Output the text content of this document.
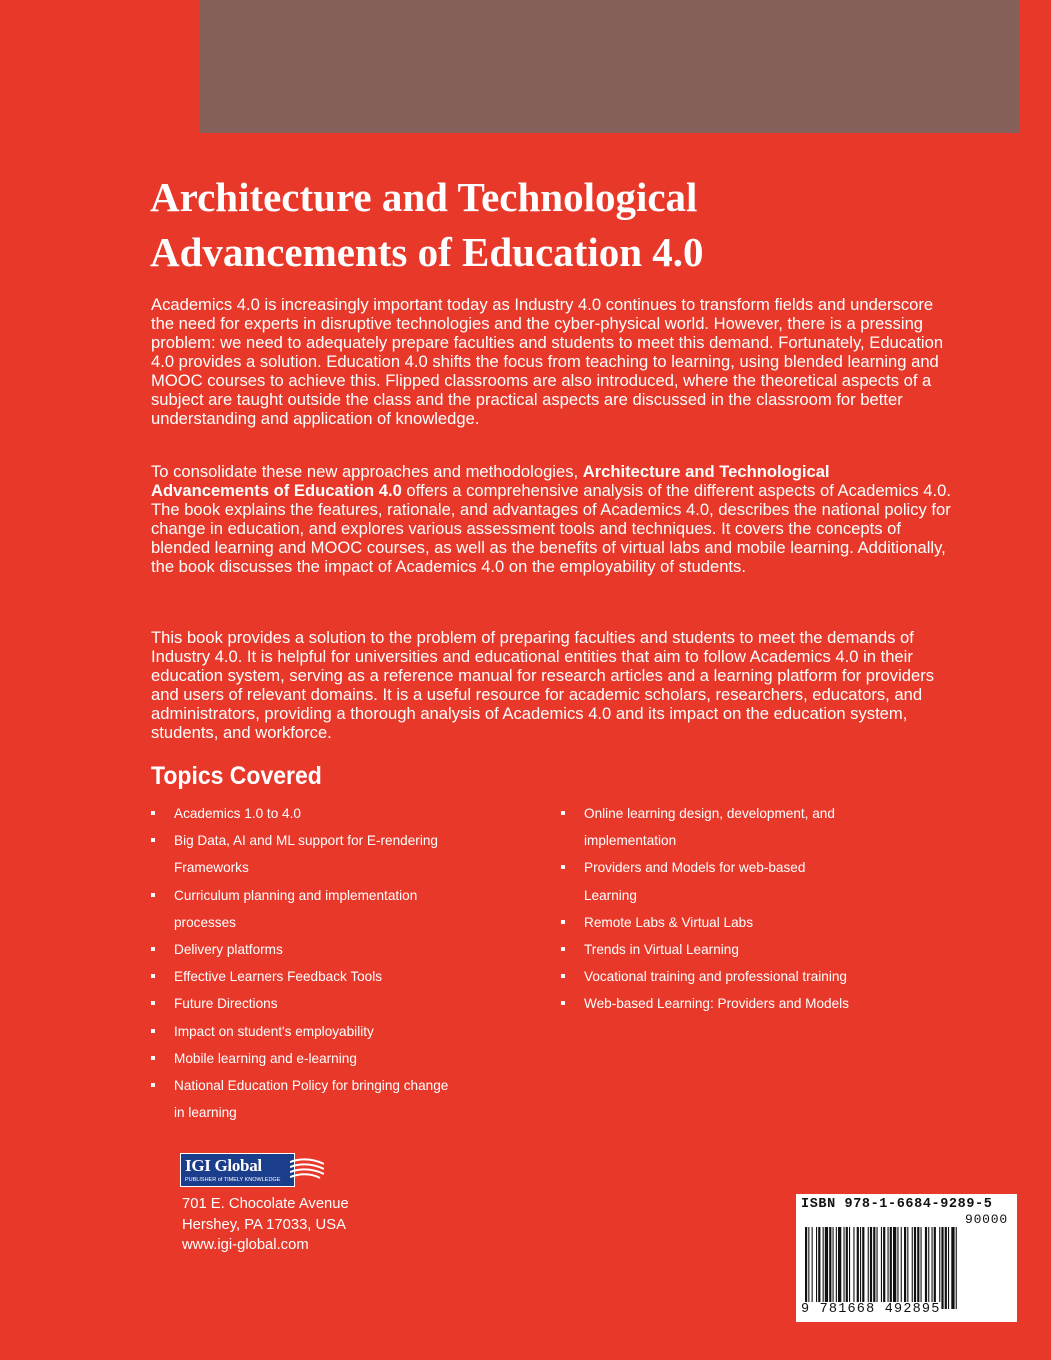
Architecture and Technological
Advancements of Education 4.0

Academics 4.0 is increasingly important today as Industry 4.0 continues to transform fields and underscore the need for experts in disruptive technologies and the cyber-physical world. However, there is a pressing problem: we need to adequately prepare faculties and students to meet this demand. Fortunately, Education 4.0 provides a solution. Education 4.0 shifts the focus from teaching to learning, using blended learning and MOOC courses to achieve this. Flipped classrooms are also introduced, where the theoretical aspects of a subject are taught outside the class and the practical aspects are discussed in the classroom for better understanding and application of knowledge.

To consolidate these new approaches and methodologies, Architecture and Technological Advancements of Education 4.0 offers a comprehensive analysis of the different aspects of Academics 4.0. The book explains the features, rationale, and advantages of Academics 4.0, describes the national policy for change in education, and explores various assessment tools and techniques. It covers the concepts of blended learning and MOOC courses, as well as the benefits of virtual labs and mobile learning. Additionally, the book discusses the impact of Academics 4.0 on the employability of students.

This book provides a solution to the problem of preparing faculties and students to meet the demands of Industry 4.0. It is helpful for universities and educational entities that aim to follow Academics 4.0 in their education system, serving as a reference manual for research articles and a learning platform for providers and users of relevant domains. It is a useful resource for academic scholars, researchers, educators, and administrators, providing a thorough analysis of Academics 4.0 and its impact on the education system, students, and workforce.

Topics Covered
Academics 1.0 to 4.0
Big Data, AI and ML support for E-rendering Frameworks
Curriculum planning and implementation processes
Delivery platforms
Effective Learners Feedback Tools
Future Directions
Impact on student's employability
Mobile learning and e-learning
National Education Policy for bringing change in learning
Online learning design, development, and implementation
Providers and Models for web-based Learning
Remote Labs & Virtual Labs
Trends in Virtual Learning
Vocational training and professional training
Web-based Learning: Providers and Models
IGI Global
PUBLISHER of TIMELY KNOWLEDGE
701 E. Chocolate Avenue
Hershey, PA 17033, USA
www.igi-global.com
ISBN 978-1-6684-9289-5
90000
9 781668 492895
